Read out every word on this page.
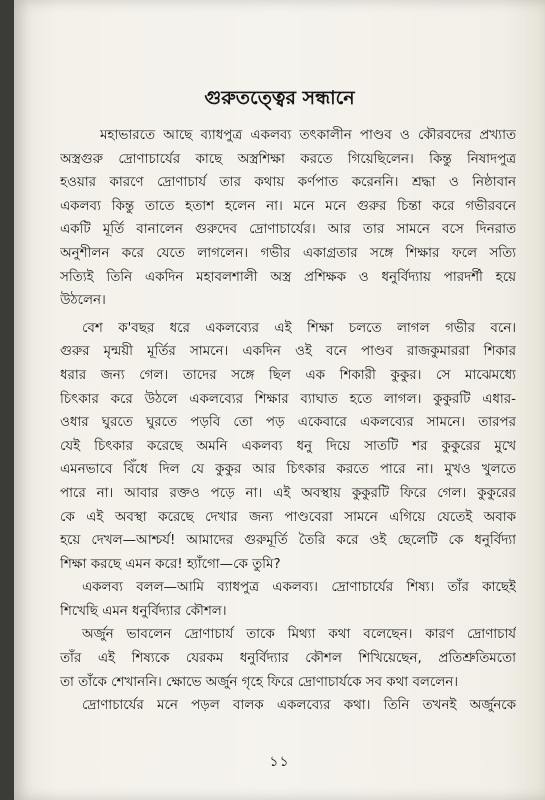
গুরুতত্ত্বের সন্ধানে

মহাভারতে আছে ব্যাধপুত্র একলব্য তৎকালীন পাণ্ডব ও কৌরবদের প্রখ্যাত
অস্ত্রগুরু দ্রোণাচার্যের কাছে অস্ত্রশিক্ষা করতে গিয়েছিলেন। কিন্তু নিষাদপুত্র
হওয়ার কারণে দ্রোণাচার্য তার কথায় কর্ণপাত করেননি। শ্রদ্ধা ও নিষ্ঠাবান
একলব্য কিন্তু তাতে হতাশ হলেন না। মনে মনে গুরুর চিন্তা করে গভীরবনে
একটি মূর্তি বানালেন গুরুদেব দ্রোণাচার্যের। আর তার সামনে বসে দিনরাত
অনুশীলন করে যেতে লাগলেন। গভীর একাগ্রতার সঙ্গে শিক্ষার ফলে সত্যি
সত্যিই তিনি একদিন মহাবলশালী অস্ত্র প্রশিক্ষক ও ধনুর্বিদ্যায় পারদর্শী হয়ে
উঠলেন।

বেশ ক'বছর ধরে একলব্যের এই শিক্ষা চলতে লাগল গভীর বনে।
গুরুর মৃন্ময়ী মূর্তির সামনে। একদিন ওই বনে পাণ্ডব রাজকুমাররা শিকার
ধরার জন্য গেল। তাদের সঙ্গে ছিল এক শিকারী কুকুর। সে মাঝেমধ্যে
চিৎকার করে উঠলে একলব্যের শিক্ষার ব্যাঘাত হতে লাগল। কুকুরটি এধার-
ওধার ঘুরতে ঘুরতে পড়বি তো পড় একেবারে একলব্যের সামনে। তারপর
যেই চিৎকার করেছে অমনি একলব্য ধনু দিয়ে সাতটি শর কুকুরের মুখে
এমনভাবে বিঁধে দিল যে কুকুর আর চিৎকার করতে পারে না। মুখও খুলতে
পারে না। আবার রক্তও পড়ে না। এই অবস্থায় কুকুরটি ফিরে গেল। কুকুরের
কে এই অবস্থা করেছে দেখার জন্য পাণ্ডবেরা সামনে এগিয়ে যেতেই অবাক
হয়ে দেখল—আশ্চর্য! আমাদের গুরুমূর্তি তৈরি করে ওই ছেলেটি কে ধনুর্বিদ্যা
শিক্ষা করছে এমন করে! হ্যাঁগো—কে তুমি?

একলব্য বলল—আমি ব্যাধপুত্র একলব্য। দ্রোণাচার্যের শিষ্য। তাঁর কাছেই
শিখেছি এমন ধনুর্বিদ্যার কৌশল।

অর্জুন ভাবলেন দ্রোণাচার্য তাকে মিথ্যা কথা বলেছেন। কারণ দ্রোণাচার্য
তাঁর এই শিষ্যকে যেরকম ধনুর্বিদ্যার কৌশল শিখিয়েছেন, প্রতিশ্রুতিমতো
তা তাঁকে শেখাননি। ক্ষোভে অর্জুন গৃহে ফিরে দ্রোণাচার্যকে সব কথা বললেন।

দ্রোণাচার্যের মনে পড়ল বালক একলব্যের কথা। তিনি তখনই অর্জুনকে

১১
